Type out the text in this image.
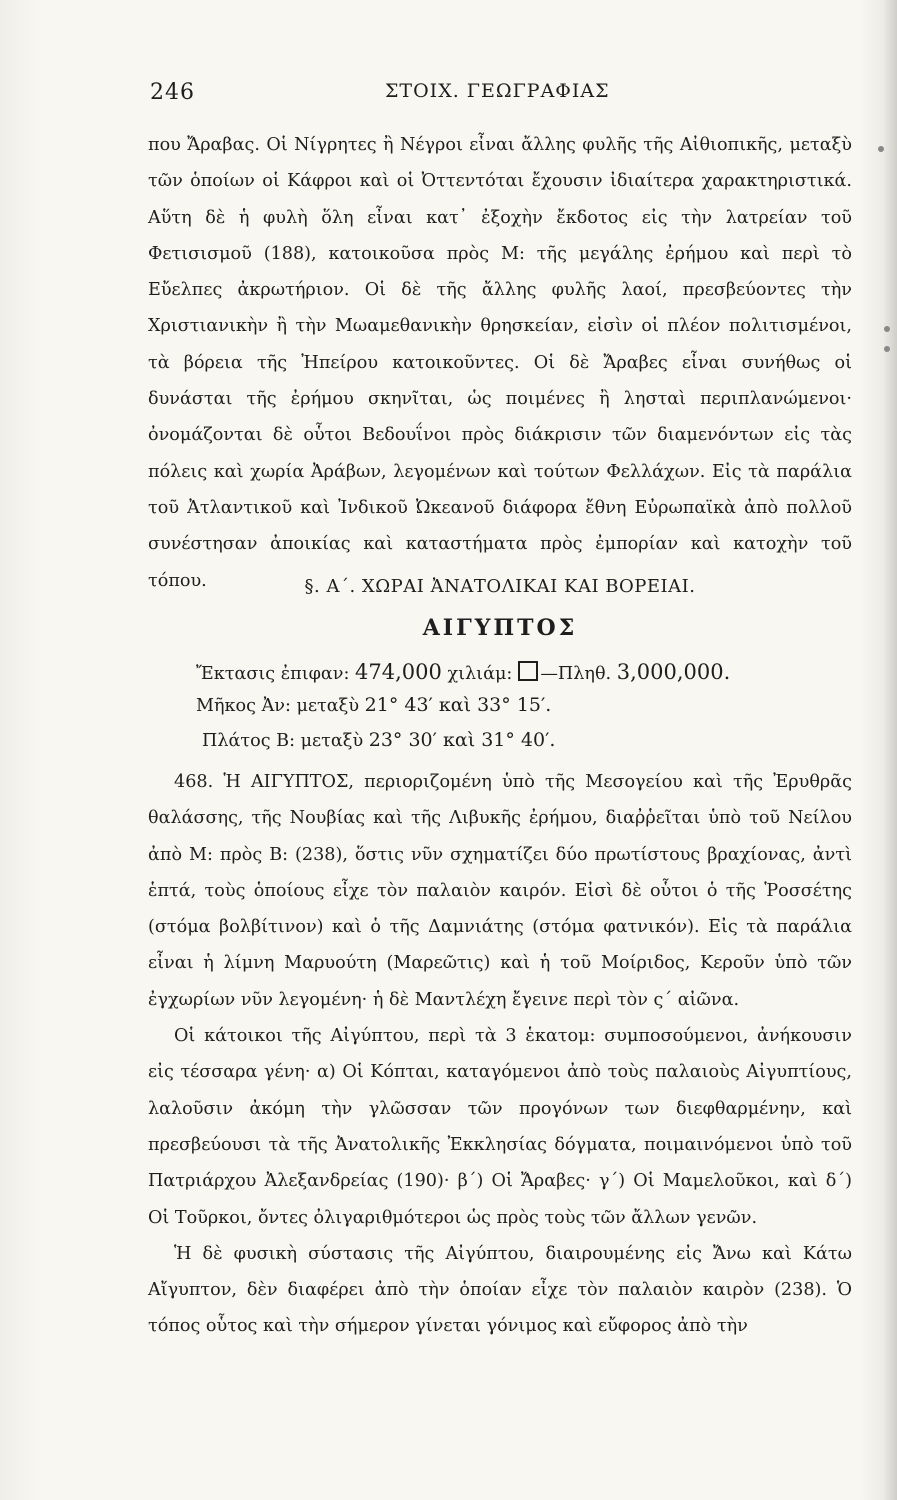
246	ΣΤΟΙΧ. ΓΕΩΓΡΑΦΙΑΣ

που Ἄραβας. Οἱ Νίγρητες ἢ Νέγροι εἶναι ἄλλης φυλῆς τῆς Αἰθιοπικῆς, μεταξὺ τῶν ὁποίων οἱ Κάφροι καὶ οἱ Ὀττεντόται ἔχουσιν ἰδιαίτερα χαρακτηριστικά. Αὕτη δὲ ἡ φυλὴ ὅλη εἶναι κατ᾽ ἐξοχὴν ἔκδοτος εἰς τὴν λατρείαν τοῦ Φετισισμοῦ (188), κατοικοῦσα πρὸς Μ: τῆς μεγάλης ἐρήμου καὶ περὶ τὸ Εὔελπες ἀκρωτήριον. Οἱ δὲ τῆς ἄλλης φυλῆς λαοί, πρεσβεύοντες τὴν Χριστιανικὴν ἢ τὴν Μωαμεθανικὴν θρησκείαν, εἰσὶν οἱ πλέον πολιτισμένοι, τὰ βόρεια τῆς Ἠπείρου κατοικοῦντες. Οἱ δὲ Ἄραβες εἶναι συνήθως οἱ δυνάσται τῆς ἐρήμου σκηνῖται, ὡς ποιμένες ἢ λησταὶ περιπλανώμενοι· ὀνομάζονται δὲ οὗτοι Βεδουΐνοι πρὸς διάκρισιν τῶν διαμενόντων εἰς τὰς πόλεις καὶ χωρία Ἀράβων, λεγομένων καὶ τούτων Φελλάχων. Εἰς τὰ παράλια τοῦ Ἀτλαντικοῦ καὶ Ἰνδικοῦ Ὠκεανοῦ διάφορα ἔθνη Εὐρωπαϊκὰ ἀπὸ πολλοῦ συνέστησαν ἀποικίας καὶ καταστήματα πρὸς ἐμπορίαν καὶ κατοχὴν τοῦ τόπου.	§. Α΄. ΧΩΡΑΙ ἈΝΑΤΟΛΙΚΑΙ ΚΑΙ ΒΟΡΕΙΑΙ.
ΑΙΓΥΠΤΟΣ
Ἔκτασις ἐπιφαν: 474,000 χιλιάμ: —Πληθ. 3,000,000.
Μῆκος Ἀν: μεταξὺ 21° 43′ καὶ 33° 15′.
Πλάτος Β: μεταξὺ 23° 30′ καὶ 31° 40′.

468. Ἡ ΑΙΓΥΠΤΟΣ, περιοριζομένη ὑπὸ τῆς Μεσογείου καὶ τῆς Ἐρυθρᾶς θαλάσσης, τῆς Νουβίας καὶ τῆς Λιβυκῆς ἐρήμου, διαῤῥεῖται ὑπὸ τοῦ Νείλου ἀπὸ Μ: πρὸς Β: (238), ὅστις νῦν σχηματίζει δύο πρωτίστους βραχίονας, ἀντὶ ἑπτά, τοὺς ὁποίους εἶχε τὸν παλαιὸν καιρόν. Εἰσὶ δὲ οὗτοι ὁ τῆς Ῥοσσέτης (στόμα βολβίτινον) καὶ ὁ τῆς Δαμνιάτης (στόμα φατνικόν). Εἰς τὰ παράλια εἶναι ἡ λίμνη Μαρυούτη (Μαρεῶτις) καὶ ἡ τοῦ Μοίριδος, Κεροῦν ὑπὸ τῶν ἐγχωρίων νῦν λεγομένη· ἡ δὲ Μαντλέχη ἔγεινε περὶ τὸν ς΄ αἰῶνα.

Οἱ κάτοικοι τῆς Αἰγύπτου, περὶ τὰ 3 ἑκατομ: συμποσούμενοι, ἀνήκουσιν εἰς τέσσαρα γένη· α) Οἱ Κόπται, καταγόμενοι ἀπὸ τοὺς παλαιοὺς Αἰγυπτίους, λαλοῦσιν ἀκόμη τὴν γλῶσσαν τῶν προγόνων των διεφθαρμένην, καὶ πρεσβεύουσι τὰ τῆς Ἀνατολικῆς Ἐκκλησίας δόγματα, ποιμαινόμενοι ὑπὸ τοῦ Πατριάρχου Ἀλεξανδρείας (190)· β΄) Οἱ Ἄραβες· γ΄) Οἱ Μαμελοῦκοι, καὶ δ΄) Οἱ Τοῦρκοι, ὄντες ὀλιγαριθμότεροι ὡς πρὸς τοὺς τῶν ἄλλων γενῶν.

Ἡ δὲ φυσικὴ σύστασις τῆς Αἰγύπτου, διαιρουμένης εἰς Ἄνω καὶ Κάτω Αἴγυπτον, δὲν διαφέρει ἀπὸ τὴν ὁποίαν εἶχε τὸν παλαιὸν καιρὸν (238). Ὁ τόπος οὗτος καὶ τὴν σήμερον γίνεται γόνιμος καὶ εὔφορος ἀπὸ τὴν
